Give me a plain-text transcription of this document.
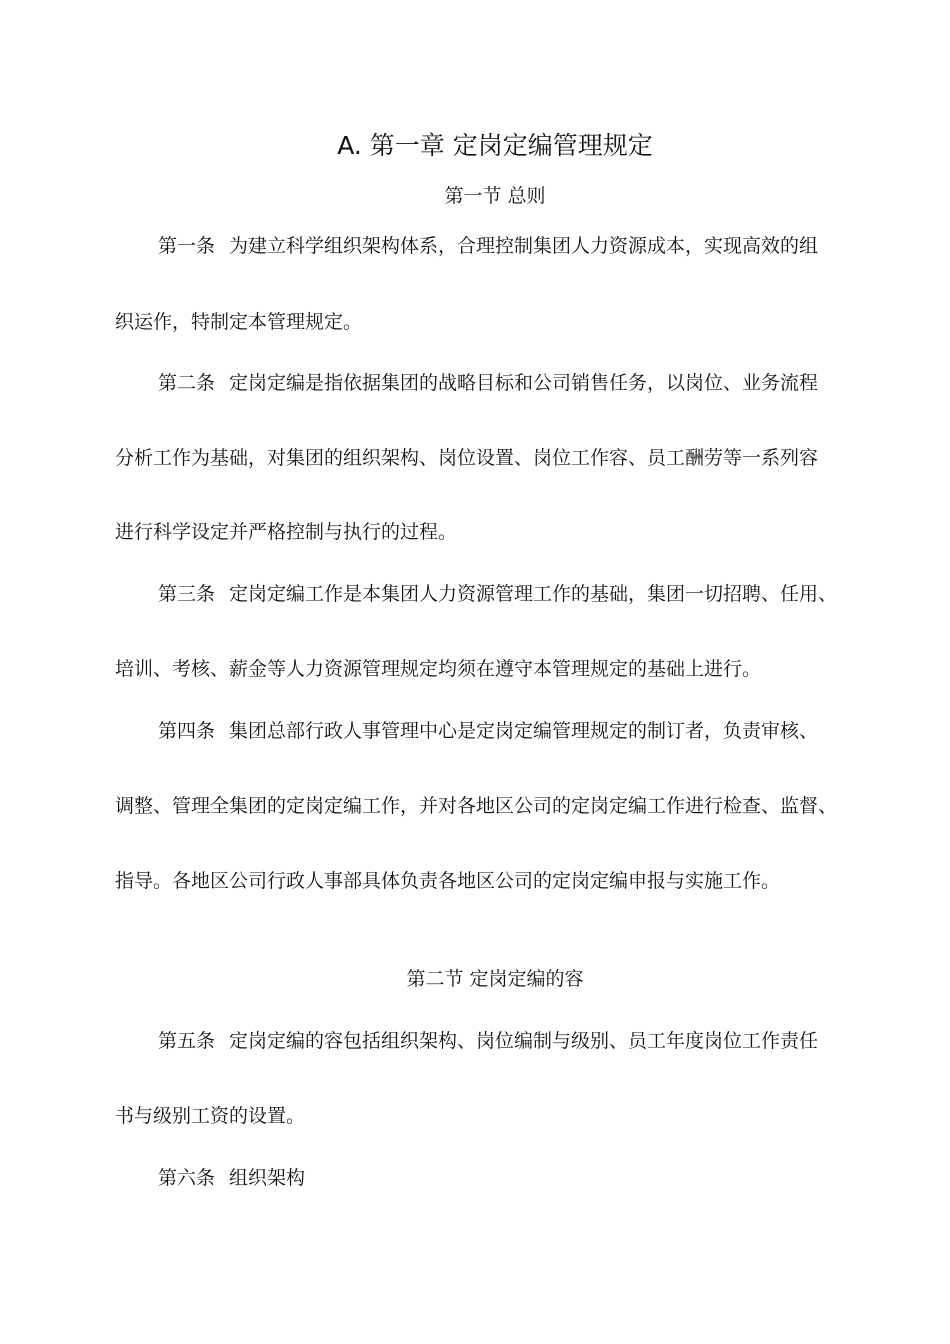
A. 第一章 定岗定编管理规定
第一节 总则
第一条 为建立科学组织架构体系，合理控制集团人力资源成本，实现高效的组
织运作，特制定本管理规定。
第二条 定岗定编是指依据集团的战略目标和公司销售任务，以岗位、业务流程
分析工作为基础，对集团的组织架构、岗位设置、岗位工作容、员工酬劳等一系列容
进行科学设定并严格控制与执行的过程。
第三条 定岗定编工作是本集团人力资源管理工作的基础，集团一切招聘、任用、
培训、考核、薪金等人力资源管理规定均须在遵守本管理规定的基础上进行。
第四条 集团总部行政人事管理中心是定岗定编管理规定的制订者，负责审核、
调整、管理全集团的定岗定编工作，并对各地区公司的定岗定编工作进行检查、监督、
指导。各地区公司行政人事部具体负责各地区公司的定岗定编申报与实施工作。
第二节 定岗定编的容
第五条 定岗定编的容包括组织架构、岗位编制与级别、员工年度岗位工作责任
书与级别工资的设置。
第六条 组织架构
